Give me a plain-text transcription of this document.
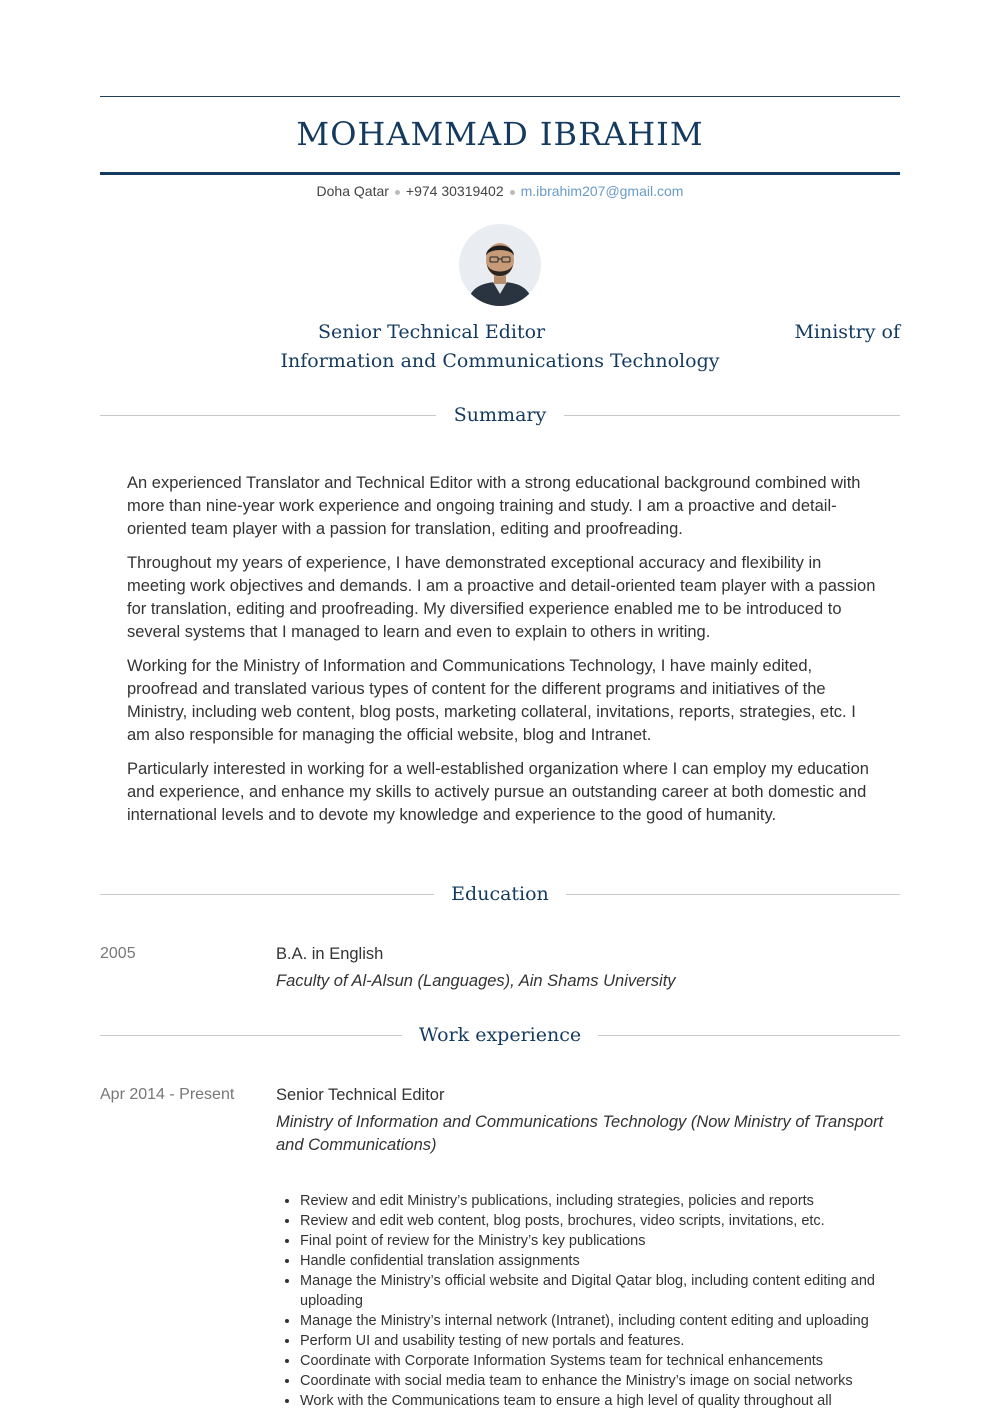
MOHAMMAD IBRAHIM
Doha Qatar +974 30319402 m.ibrahim207@gmail.com
Senior Technical Editor	Ministry of
Information and Communications Technology
Summary

An experienced Translator and Technical Editor with a strong educational background combined with more than nine-year work experience and ongoing training and study. I am a proactive and detail-oriented team player with a passion for translation, editing and proofreading.

Throughout my years of experience, I have demonstrated exceptional accuracy and flexibility in meeting work objectives and demands. I am a proactive and detail-oriented team player with a passion for translation, editing and proofreading. My diversified experience enabled me to be introduced to several systems that I managed to learn and even to explain to others in writing.

Working for the Ministry of Information and Communications Technology, I have mainly edited, proofread and translated various types of content for the different programs and initiatives of the Ministry, including web content, blog posts, marketing collateral, invitations, reports, strategies, etc. I am also responsible for managing the official website, blog and Intranet.

Particularly interested in working for a well-established organization where I can employ my education and experience, and enhance my skills to actively pursue an outstanding career at both domestic and international levels and to devote my knowledge and experience to the good of humanity.

Education
2005	B.A. in English
Faculty of Al-Alsun (Languages), Ain Shams University
Work experience
Apr 2014 - Present	Senior Technical Editor
Ministry of Information and Communications Technology (Now Ministry of Transport and Communications)
• Review and edit Ministry’s publications, including strategies, policies and reports
• Review and edit web content, blog posts, brochures, video scripts, invitations, etc.
• Final point of review for the Ministry’s key publications
• Handle confidential translation assignments
• Manage the Ministry’s official website and Digital Qatar blog, including content editing and uploading
• Manage the Ministry’s internal network (Intranet), including content editing and uploading
• Perform UI and usability testing of new portals and features.
• Coordinate with Corporate Information Systems team for technical enhancements
• Coordinate with social media team to enhance the Ministry’s image on social networks
• Work with the Communications team to ensure a high level of quality throughout all
